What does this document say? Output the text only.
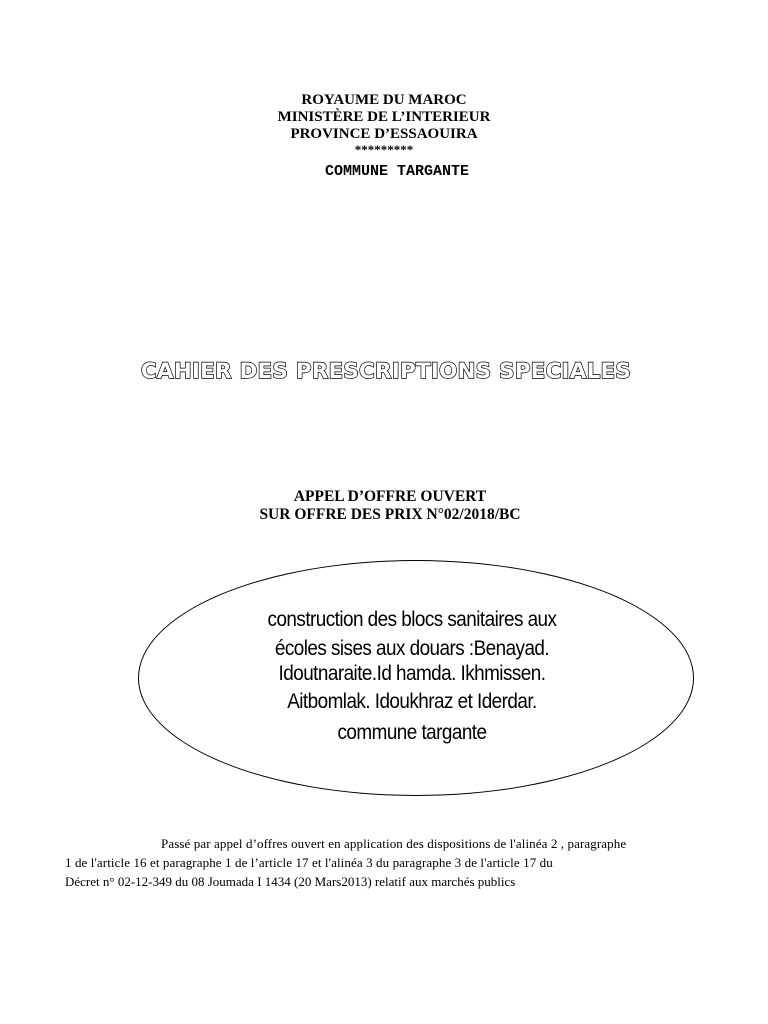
ROYAUME DU MAROC
MINISTÈRE DE L’INTERIEUR
PROVINCE D’ESSAOUIRA
*********
COMMUNE TARGANTE
CAHIER DES PRESCRIPTIONS SPECIALES
APPEL D’OFFRE OUVERT
SUR OFFRE DES PRIX N°02/2018/BC
construction des blocs sanitaires aux
écoles sises aux douars :Benayad.
Idoutnaraite.Id hamda. Ikhmissen.
Aitbomlak. Idoukhraz et Iderdar.
commune targante
Passé par appel d’offres ouvert en application des dispositions de l'alinéa 2 , paragraphe
1 de l'article 16 et paragraphe 1 de l’article 17 et l'alinéa 3 du paragraphe 3 de l'article 17 du
Décret n° 02-12-349 du 08 Joumada I 1434 (20 Mars2013) relatif aux marchés publics
